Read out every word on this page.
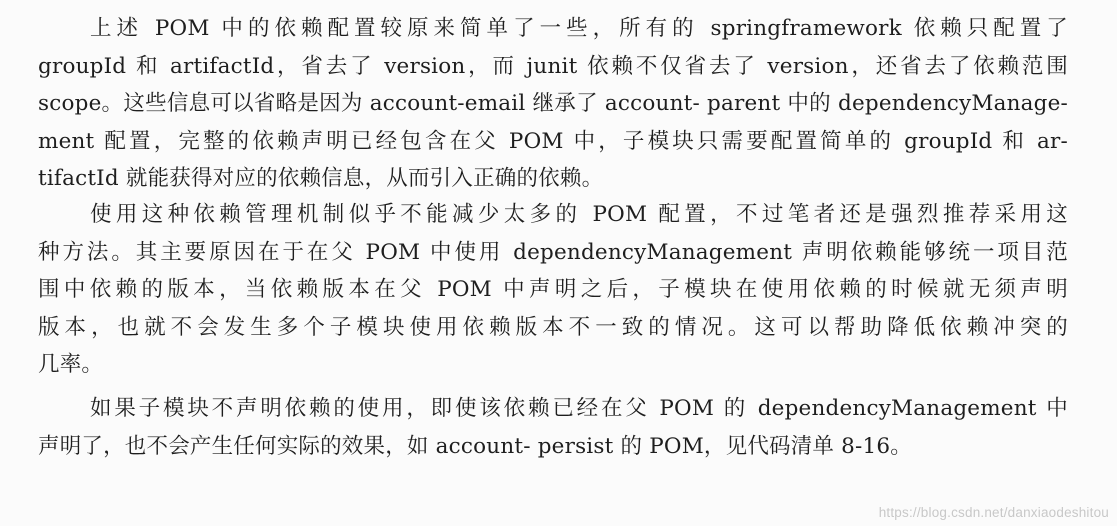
上述 POM 中的依赖配置较原来简单了一些，所有的 springframework 依赖只配置了
groupId 和 artifactId，省去了 version，而 junit 依赖不仅省去了 version，还省去了依赖范围
scope。这些信息可以省略是因为 account-email 继承了 account- parent 中的 dependencyManage-
ment 配置，完整的依赖声明已经包含在父 POM 中，子模块只需要配置简单的 groupId 和 ar-
tifactId 就能获得对应的依赖信息，从而引入正确的依赖。
使用这种依赖管理机制似乎不能减少太多的 POM 配置，不过笔者还是强烈推荐采用这
种方法。其主要原因在于在父 POM 中使用 dependencyManagement 声明依赖能够统一项目范
围中依赖的版本，当依赖版本在父 POM 中声明之后，子模块在使用依赖的时候就无须声明
版本，也就不会发生多个子模块使用依赖版本不一致的情况。这可以帮助降低依赖冲突的
几率。
如果子模块不声明依赖的使用，即使该依赖已经在父 POM 的 dependencyManagement 中
声明了，也不会产生任何实际的效果，如 account- persist 的 POM，见代码清单 8-16。
https://blog.csdn.net/danxiaodeshitou
